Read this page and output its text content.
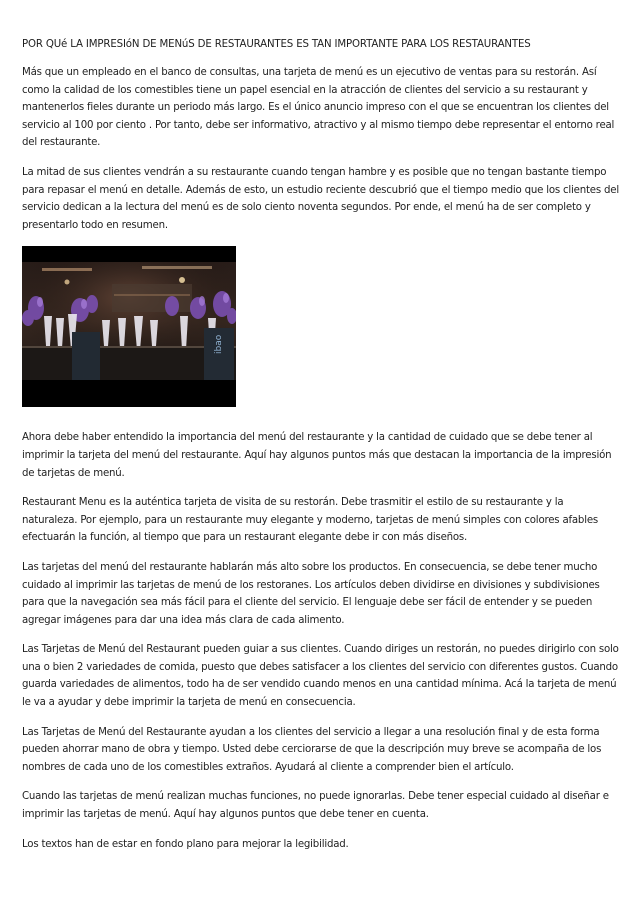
POR QUé LA IMPRESIóN DE MENúS DE RESTAURANTES ES TAN IMPORTANTE PARA LOS RESTAURANTES

Más que un empleado en el banco de consultas, una tarjeta de menú es un ejecutivo de ventas para su restorán. Así como la calidad de los comestibles tiene un papel esencial en la atracción de clientes del servicio a su restaurant y mantenerlos fieles durante un periodo más largo. Es el único anuncio impreso con el que se encuentran los clientes del servicio al 100 por ciento . Por tanto, debe ser informativo, atractivo y al mismo tiempo debe representar el entorno real del restaurante.

La mitad de sus clientes vendrán a su restaurante cuando tengan hambre y es posible que no tengan bastante tiempo para repasar el menú en detalle. Además de esto, un estudio reciente descubrió que el tiempo medio que los clientes del servicio dedican a la lectura del menú es de solo ciento noventa segundos. Por ende, el menú ha de ser completo y presentarlo todo en resumen.

ibao

Ahora debe haber entendido la importancia del menú del restaurante y la cantidad de cuidado que se debe tener al imprimir la tarjeta del menú del restaurante. Aquí hay algunos puntos más que destacan la importancia de la impresión de tarjetas de menú.

Restaurant Menu es la auténtica tarjeta de visita de su restorán. Debe trasmitir el estilo de su restaurante y la naturaleza. Por ejemplo, para un restaurante muy elegante y moderno, tarjetas de menú simples con colores afables efectuarán la función, al tiempo que para un restaurant elegante debe ir con más diseños.

Las tarjetas del menú del restaurante hablarán más alto sobre los productos. En consecuencia, se debe tener mucho cuidado al imprimir las tarjetas de menú de los restoranes. Los artículos deben dividirse en divisiones y subdivisiones para que la navegación sea más fácil para el cliente del servicio. El lenguaje debe ser fácil de entender y se pueden agregar imágenes para dar una idea más clara de cada alimento.

Las Tarjetas de Menú del Restaurant pueden guiar a sus clientes. Cuando diriges un restorán, no puedes dirigirlo con solo una o bien 2 variedades de comida, puesto que debes satisfacer a los clientes del servicio con diferentes gustos. Cuando guarda variedades de alimentos, todo ha de ser vendido cuando menos en una cantidad mínima. Acá la tarjeta de menú le va a ayudar y debe imprimir la tarjeta de menú en consecuencia.

Las Tarjetas de Menú del Restaurante ayudan a los clientes del servicio a llegar a una resolución final y de esta forma pueden ahorrar mano de obra y tiempo. Usted debe cerciorarse de que la descripción muy breve se acompaña de los nombres de cada uno de los comestibles extraños. Ayudará al cliente a comprender bien el artículo.

Cuando las tarjetas de menú realizan muchas funciones, no puede ignorarlas. Debe tener especial cuidado al diseñar e imprimir las tarjetas de menú. Aquí hay algunos puntos que debe tener en cuenta.

Los textos han de estar en fondo plano para mejorar la legibilidad.
